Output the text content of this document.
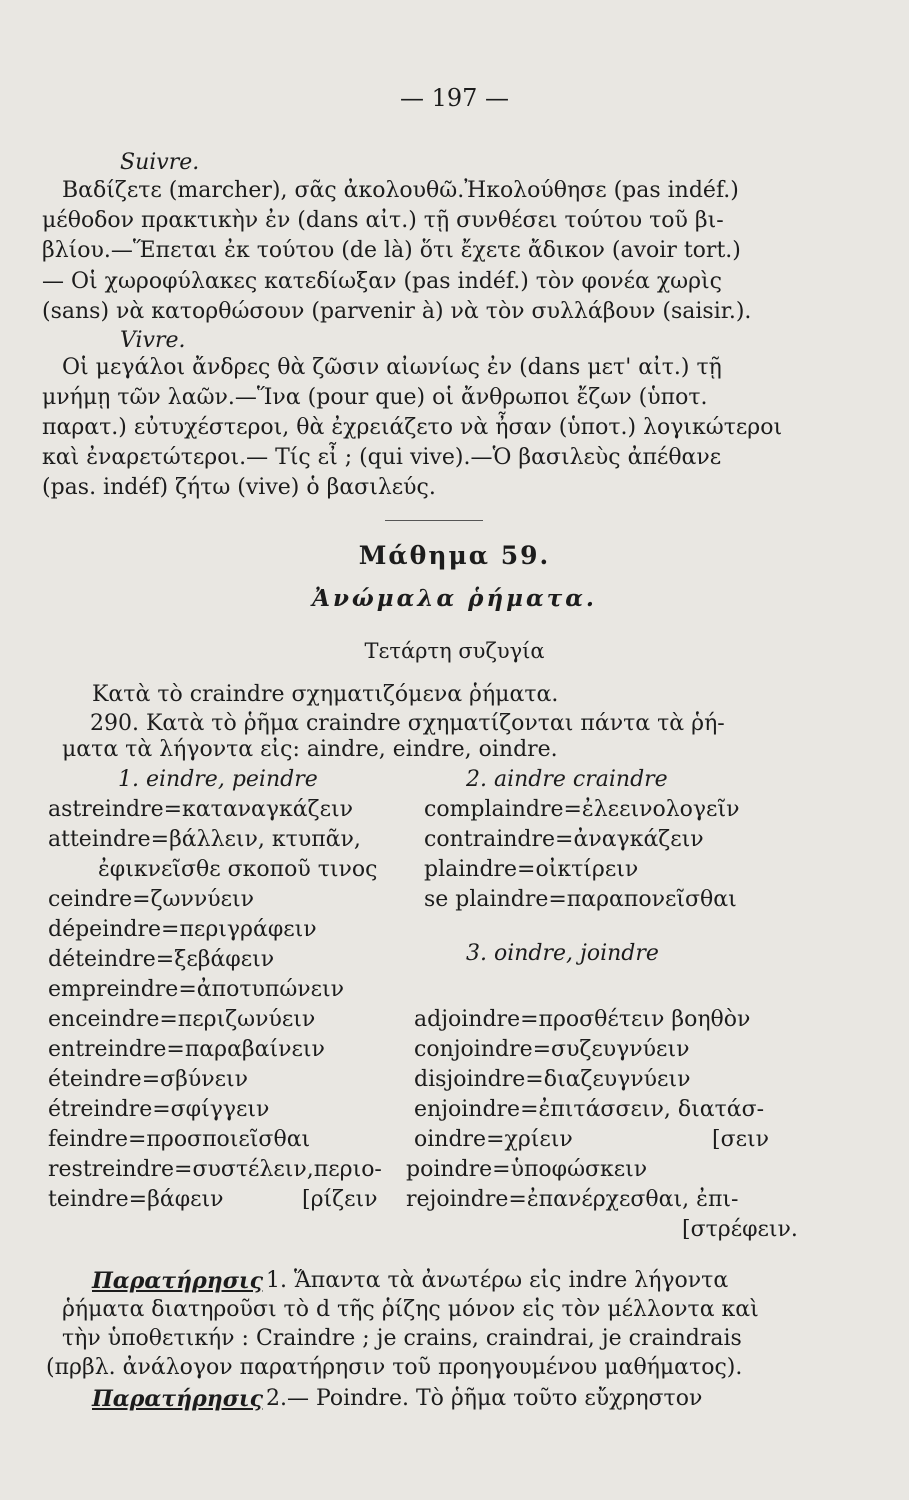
— 197 —
Suivre.
Βαδίζετε (marcher), σᾶς ἀκολουθῶ.Ἠκολούθησε (pas indéf.)
μέθοδον πρακτικὴν ἐν (dans αἰτ.) τῇ συνθέσει τούτου τοῦ βι-
βλίου.—Ἕπεται ἐκ τούτου (de là) ὅτι ἔχετε ἄδικον (avoir tort.)
— Οἱ χωροφύλακες κατεδίωξαν (pas indéf.) τὸν φονέα χωρὶς
(sans) νὰ κατορθώσουν (parvenir à) νὰ τὸν συλλάβουν (saisir.).
Vivre.
Οἱ μεγάλοι ἄνδρες θὰ ζῶσιν αἰωνίως ἐν (dans μετ' αἰτ.) τῇ
μνήμῃ τῶν λαῶν.—Ἵνα (pour que) οἱ ἄνθρωποι ἔζων (ὑποτ.
παρατ.) εὐτυχέστεροι, θὰ ἐχρειάζετο νὰ ἦσαν (ὑποτ.) λογικώτεροι
καὶ ἐναρετώτεροι.— Τίς εἶ ; (qui vive).—Ὁ βασιλεὺς ἀπέθανε
(pas. indéf) ζήτω (vive) ὁ βασιλεύς.
Μάθημα 59.
Ἀνώμαλα ῥήματα.
Τετάρτη συζυγία
Κατὰ τὸ craindre σχηματιζόμενα ῥήματα.
290. Κατὰ τὸ ῥῆμα craindre σχηματίζονται πάντα τὰ ῥή-
ματα τὰ λήγοντα εἰς: aindre, eindre, oindre.
1. eindre, peindre
astreindre=καταναγκάζειν
atteindre=βάλλειν, κτυπᾶν,
ἐφικνεῖσθε σκοποῦ τινος
ceindre=ζωννύειν
dépeindre=περιγράφειν
déteindre=ξεβάφειν
empreindre=ἀποτυπώνειν
enceindre=περιζωνύειν
entreindre=παραβαίνειν
éteindre=σβύνειν
étreindre=σφίγγειν
feindre=προσποιεῖσθαι
restreindre=συστέλειν,περιο-
teindre=βάφειν	[ρίζειν
2. aindre craindre
complaindre=ἐλεεινολογεῖν
contraindre=ἀναγκάζειν
plaindre=οἰκτίρειν
se plaindre=παραπονεῖσθαι
3. oindre, joindre
adjoindre=προσθέτειν βοηθὸν
conjoindre=συζευγνύειν
disjoindre=διαζευγνύειν
enjoindre=ἐπιτάσσειν, διατάσ-
oindre=χρίειν	[σειν
poindre=ὑποφώσκειν
rejoindre=ἐπανέρχεσθαι, ἐπι-
[στρέφειν.
Παρατήρησις 1. Ἅπαντα τὰ ἀνωτέρω εἰς indre λήγοντα
ῥήματα διατηροῦσι τὸ d τῆς ῥίζης μόνον εἰς τὸν μέλλοντα καὶ
τὴν ὑποθετικήν : Craindre ; je crains, craindrai, je craindrais
(πρβλ. ἀνάλογον παρατήρησιν τοῦ προηγουμένου μαθήματος).
Παρατήρησις 2.— Poindre. Τὸ ῥῆμα τοῦτο εὔχρηστον
